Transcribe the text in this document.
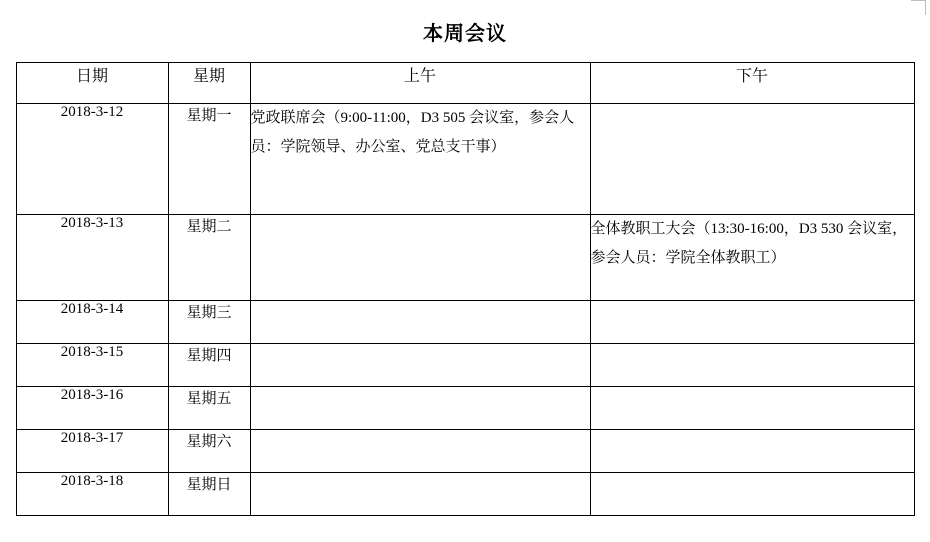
本周会议
日期	星期	上午	下午
2018-3-12	星期一	党政联席会（9:00-11:00，D3 505 会议室，参会人员：学院领导、办公室、党总支干事）	
2018-3-13	星期二		全体教职工大会（13:30-16:00，D3 530 会议室，参会人员：学院全体教职工）
2018-3-14	星期三		
2018-3-15	星期四		
2018-3-16	星期五		
2018-3-17	星期六		
2018-3-18	星期日		
